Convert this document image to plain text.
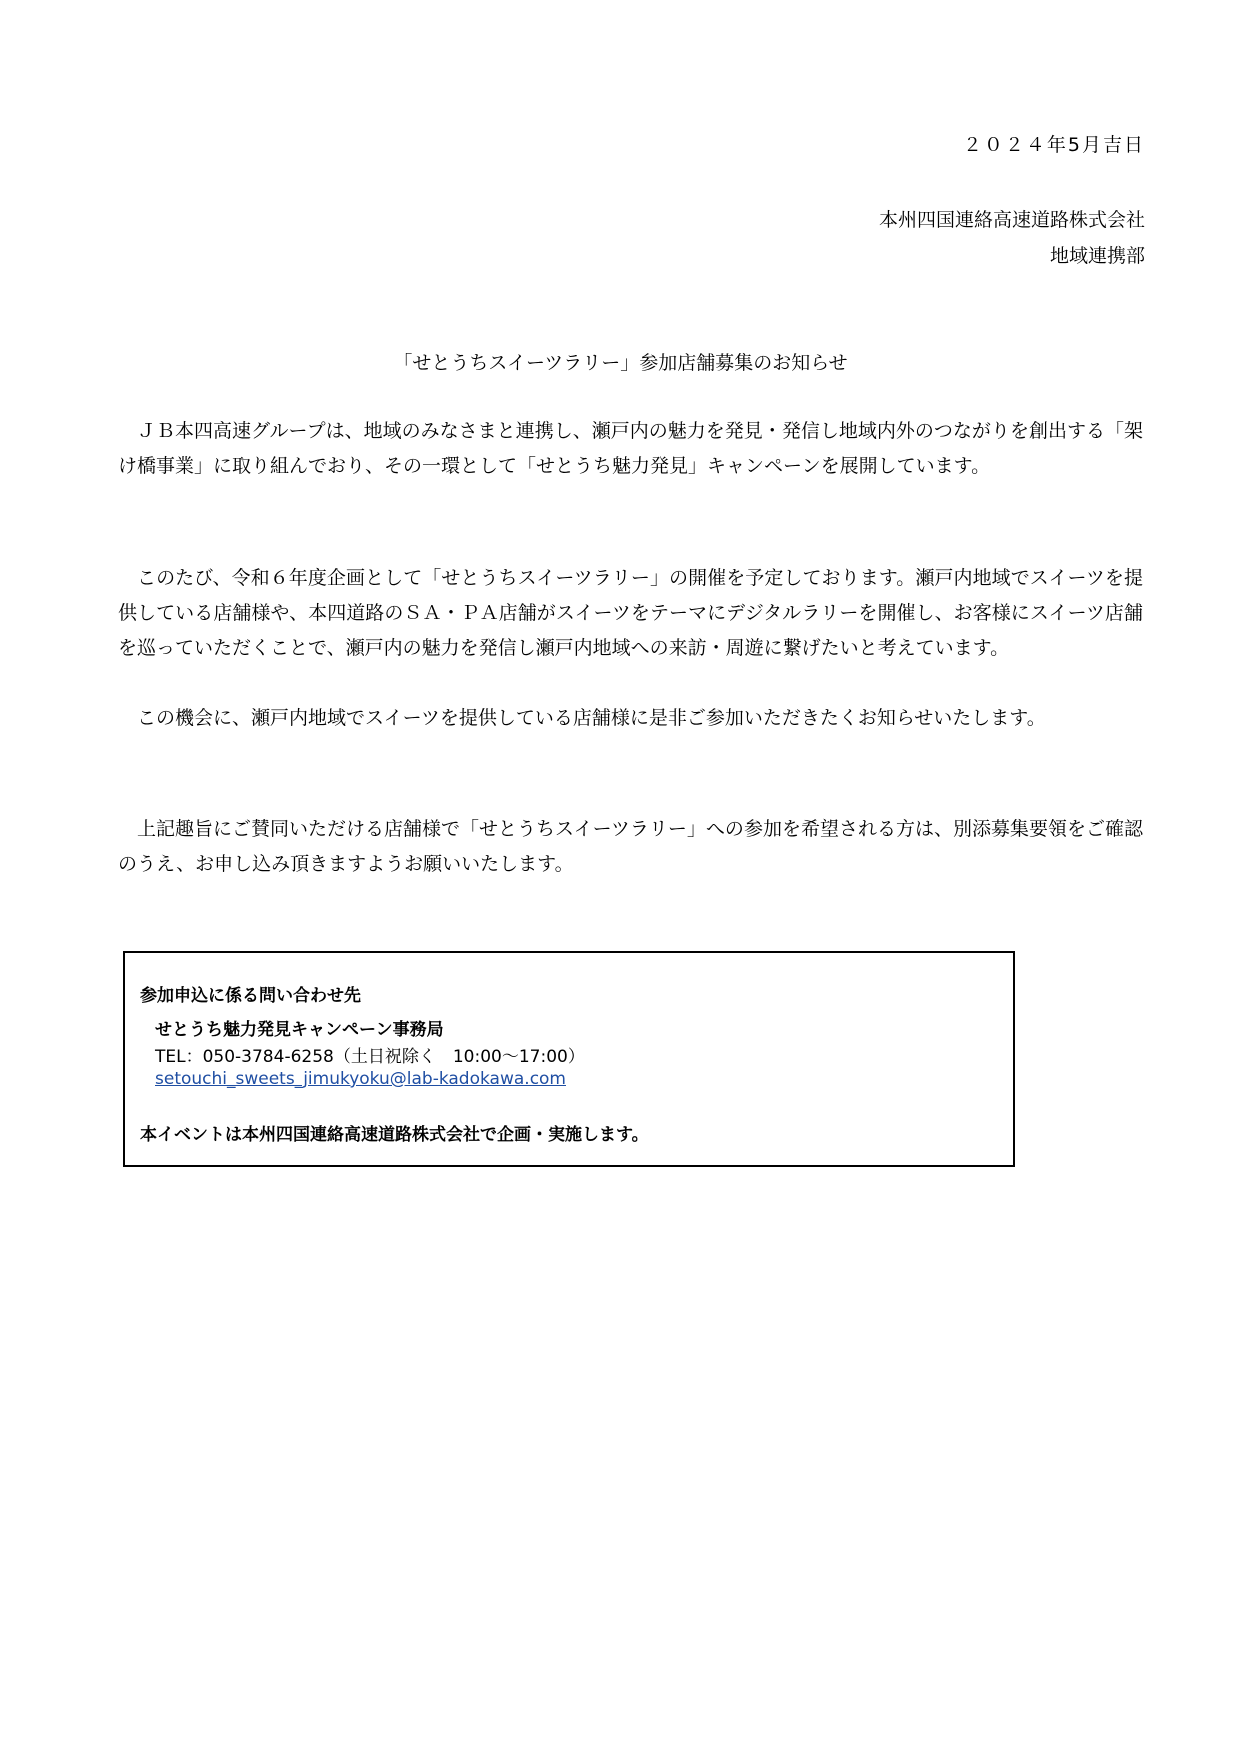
２０２４年5月吉日
本州四国連絡高速道路株式会社
地域連携部
「せとうちスイーツラリー」参加店舗募集のお知らせ
ＪＢ本四高速グループは、地域のみなさまと連携し、瀬戸内の魅力を発見・発信し地域内外のつながりを創出する「架け橋事業」に取り組んでおり、その一環として「せとうち魅力発見」キャンペーンを展開しています。
このたび、令和６年度企画として「せとうちスイーツラリー」の開催を予定しております。瀬戸内地域でスイーツを提供している店舗様や、本四道路のＳＡ・ＰＡ店舗がスイーツをテーマにデジタルラリーを開催し、お客様にスイーツ店舗を巡っていただくことで、瀬戸内の魅力を発信し瀬戸内地域への来訪・周遊に繋げたいと考えています。
この機会に、瀬戸内地域でスイーツを提供している店舗様に是非ご参加いただきたくお知らせいたします。
上記趣旨にご賛同いただける店舗様で「せとうちスイーツラリー」への参加を希望される方は、別添募集要領をご確認のうえ、お申し込み頂きますようお願いいたします。
参加申込に係る問い合わせ先
せとうち魅力発見キャンペーン事務局
TEL：050-3784-6258（土日祝除く　10:00～17:00）
setouchi_sweets_jimukyoku@lab-kadokawa.com
本イベントは本州四国連絡高速道路株式会社で企画・実施します。
